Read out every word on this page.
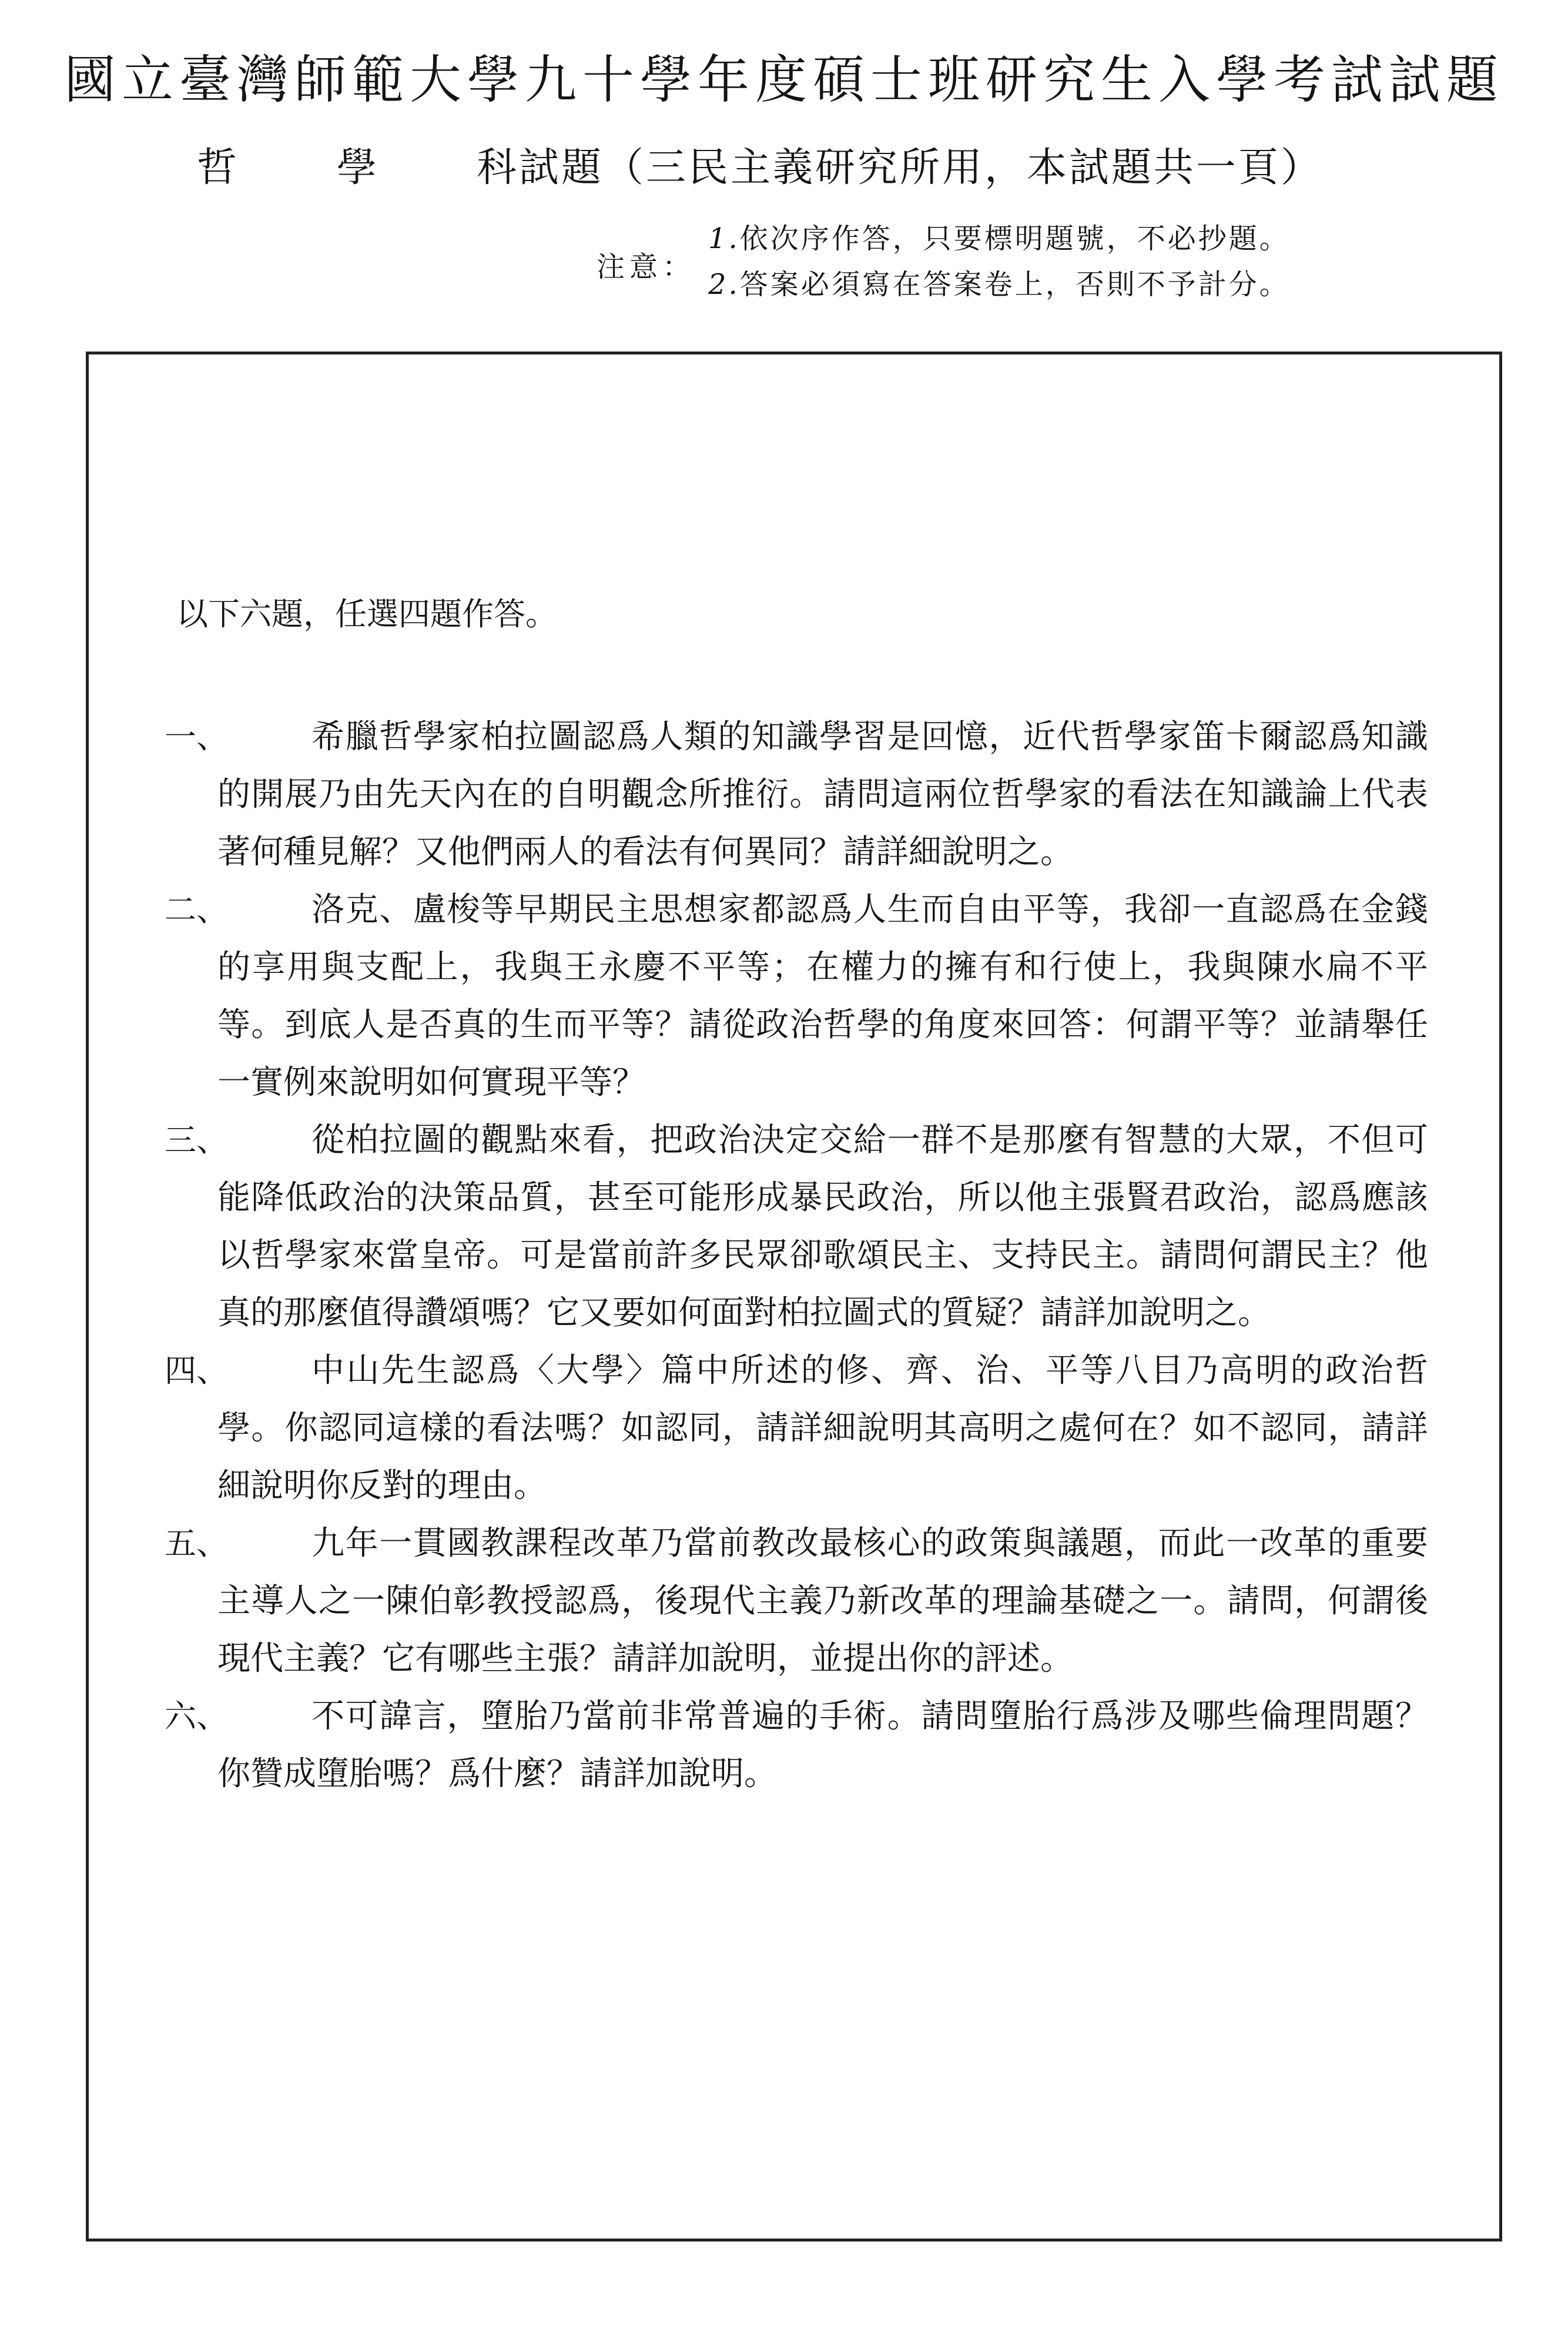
國立臺灣師範大學九十學年度碩士班研究生入學考試試題
哲學科試題（三民主義研究所用，本試題共一頁）
注意：
1.依次序作答，只要標明題號，不必抄題。
2.答案必須寫在答案卷上，否則不予計分。
以下六題，任選四題作答。
一、	希臘哲學家柏拉圖認爲人類的知識學習是回憶，近代哲學家笛卡爾認爲知識的開展乃由先天內在的自明觀念所推衍。請問這兩位哲學家的看法在知識論上代表著何種見解？又他們兩人的看法有何異同？請詳細說明之。
二、	洛克、盧梭等早期民主思想家都認爲人生而自由平等，我卻一直認爲在金錢的享用與支配上，我與王永慶不平等；在權力的擁有和行使上，我與陳水扁不平等。到底人是否真的生而平等？請從政治哲學的角度來回答：何謂平等？並請舉任一實例來說明如何實現平等？
三、	從柏拉圖的觀點來看，把政治決定交給一群不是那麼有智慧的大眾，不但可能降低政治的決策品質，甚至可能形成暴民政治，所以他主張賢君政治，認爲應該以哲學家來當皇帝。可是當前許多民眾卻歌頌民主、支持民主。請問何謂民主？他真的那麼值得讚頌嗎？它又要如何面對柏拉圖式的質疑？請詳加說明之。
四、	中山先生認爲〈大學〉篇中所述的修、齊、治、平等八目乃高明的政治哲學。你認同這樣的看法嗎？如認同，請詳細說明其高明之處何在？如不認同，請詳細說明你反對的理由。
五、	九年一貫國教課程改革乃當前教改最核心的政策與議題，而此一改革的重要主導人之一陳伯彰教授認爲，後現代主義乃新改革的理論基礎之一。請問，何謂後現代主義？它有哪些主張？請詳加說明，並提出你的評述。
六、	不可諱言，墮胎乃當前非常普遍的手術。請問墮胎行爲涉及哪些倫理問題？你贊成墮胎嗎？爲什麼？請詳加說明。
